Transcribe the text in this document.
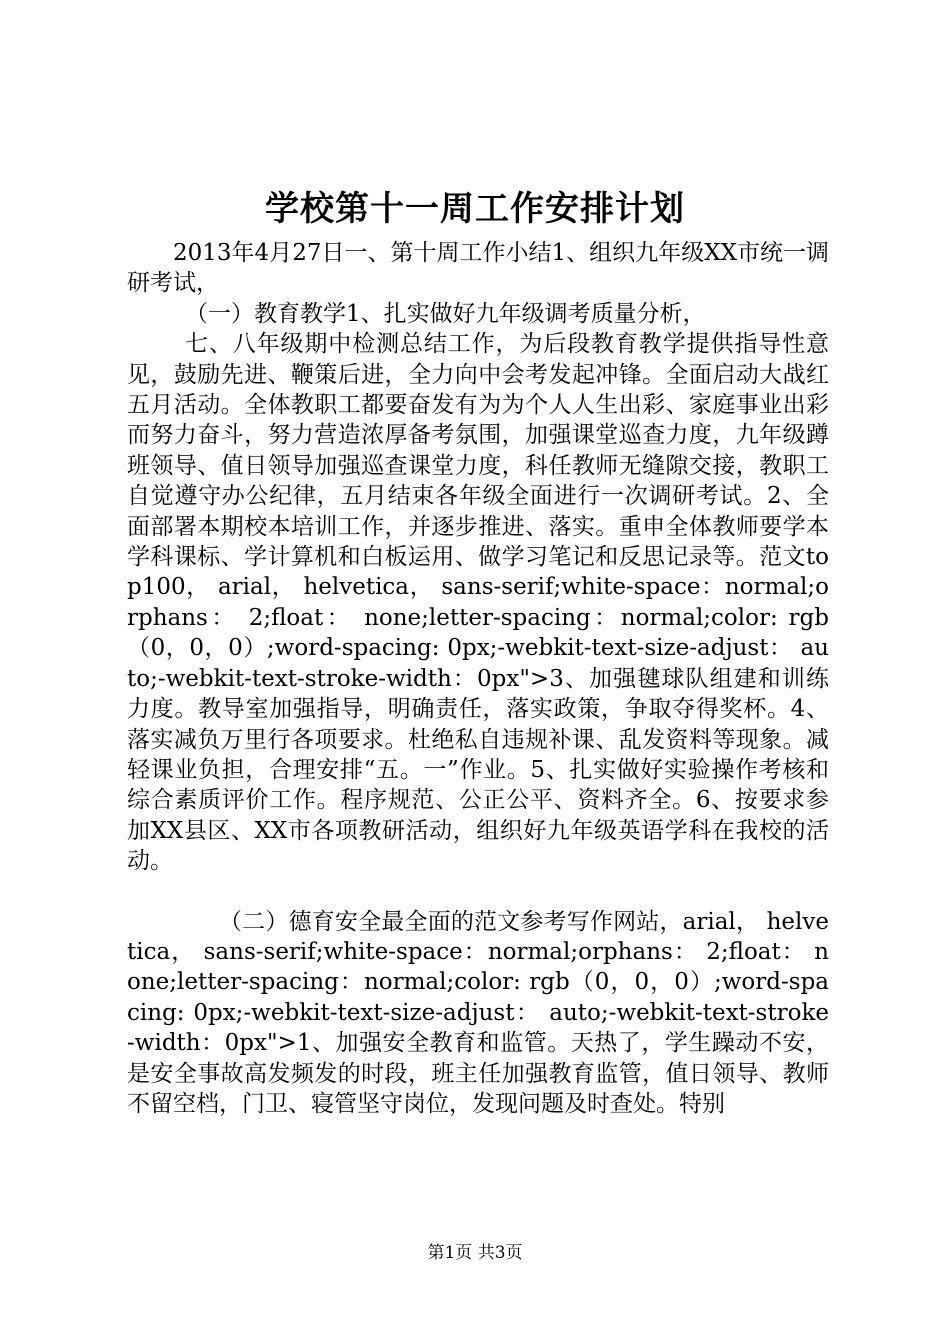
学校第十一周工作安排计划

2013年4月27日一、第十周工作小结1、组织九年级XX市统一调研考试，

（一）教育教学1、扎实做好九年级调考质量分析，

七、八年级期中检测总结工作，为后段教育教学提供指导性意见，鼓励先进、鞭策后进，全力向中会考发起冲锋。全面启动大战红五月活动。全体教职工都要奋发有为为个人人生出彩、家庭事业出彩而努力奋斗，努力营造浓厚备考氛围，加强课堂巡查力度，九年级蹲班领导、值日领导加强巡查课堂力度，科任教师无缝隙交接，教职工自觉遵守办公纪律，五月结束各年级全面进行一次调研考试。2、全面部署本期校本培训工作，并逐步推进、落实。重申全体教师要学本学科课标、学计算机和白板运用、做学习笔记和反思记录等。范文top100， arial， helvetica， sans-serif;white-space：normal;orphans： 2;float： none;letter-spacing：normal;color: rgb（0，0，0）;word-spacing: 0px;-webkit-text-size-adjust： auto;-webkit-text-stroke-width：0px">3、加强毽球队组建和训练力度。教导室加强指导，明确责任，落实政策，争取夺得奖杯。4、落实减负万里行各项要求。杜绝私自违规补课、乱发资料等现象。减轻课业负担，合理安排“五。一”作业。5、扎实做好实验操作考核和综合素质评价工作。程序规范、公正公平、资料齐全。6、按要求参加XX县区、XX市各项教研活动，组织好九年级英语学科在我校的活动。

（二）德育安全最全面的范文参考写作网站，arial， helvetica， sans-serif;white-space：normal;orphans： 2;float： none;letter-spacing：normal;color: rgb（0，0，0）;word-spacing: 0px;-webkit-text-size-adjust： auto;-webkit-text-stroke-width：0px">1、加强安全教育和监管。天热了，学生躁动不安，是安全事故高发频发的时段，班主任加强教育监管，值日领导、教师不留空档，门卫、寝管坚守岗位，发现问题及时查处。特别

第1页 共3页
